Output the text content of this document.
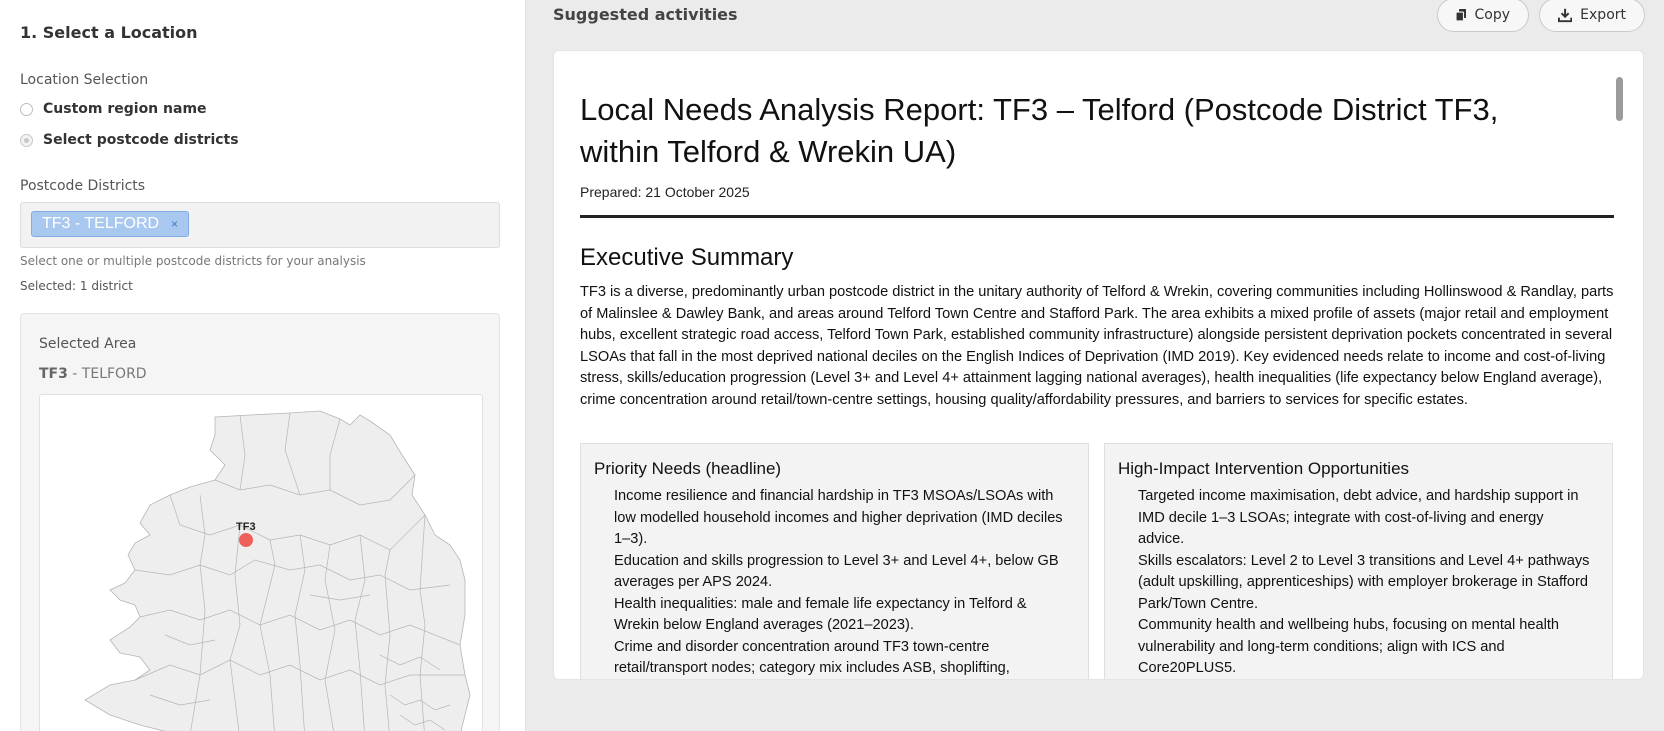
1. Select a Location
Location Selection
Custom region name
Select postcode districts
Postcode Districts
TF3 - TELFORD ×
Select one or multiple postcode districts for your analysis
Selected: 1 district
Selected Area
TF3 - TELFORD
TF3
Suggested activities	Copy	Export
Local Needs Analysis Report: TF3 – Telford (Postcode District TF3, within Telford & Wrekin UA)
Prepared: 21 October 2025
Executive Summary
TF3 is a diverse, predominantly urban postcode district in the unitary authority of Telford & Wrekin, covering communities including Hollinswood & Randlay, parts of Malinslee & Dawley Bank, and areas around Telford Town Centre and Stafford Park. The area exhibits a mixed profile of assets (major retail and employment hubs, excellent strategic road access, Telford Town Park, established community infrastructure) alongside persistent deprivation pockets concentrated in several LSOAs that fall in the most deprived national deciles on the English Indices of Deprivation (IMD 2019). Key evidenced needs relate to income and cost-of-living stress, skills/education progression (Level 3+ and Level 4+ attainment lagging national averages), health inequalities (life expectancy below England average), crime concentration around retail/town-centre settings, housing quality/affordability pressures, and barriers to services for specific estates.
Priority Needs (headline)
Income resilience and financial hardship in TF3 MSOAs/LSOAs with low modelled household incomes and higher deprivation (IMD deciles 1–3).
Education and skills progression to Level 3+ and Level 4+, below GB averages per APS 2024.
Health inequalities: male and female life expectancy in Telford & Wrekin below England averages (2021–2023).
Crime and disorder concentration around TF3 town-centre retail/transport nodes; category mix includes ASB, shoplifting,
High-Impact Intervention Opportunities
Targeted income maximisation, debt advice, and hardship support in IMD decile 1–3 LSOAs; integrate with cost-of-living and energy advice.
Skills escalators: Level 2 to Level 3 transitions and Level 4+ pathways (adult upskilling, apprenticeships) with employer brokerage in Stafford Park/Town Centre.
Community health and wellbeing hubs, focusing on mental health vulnerability and long-term conditions; align with ICS and Core20PLUS5.
